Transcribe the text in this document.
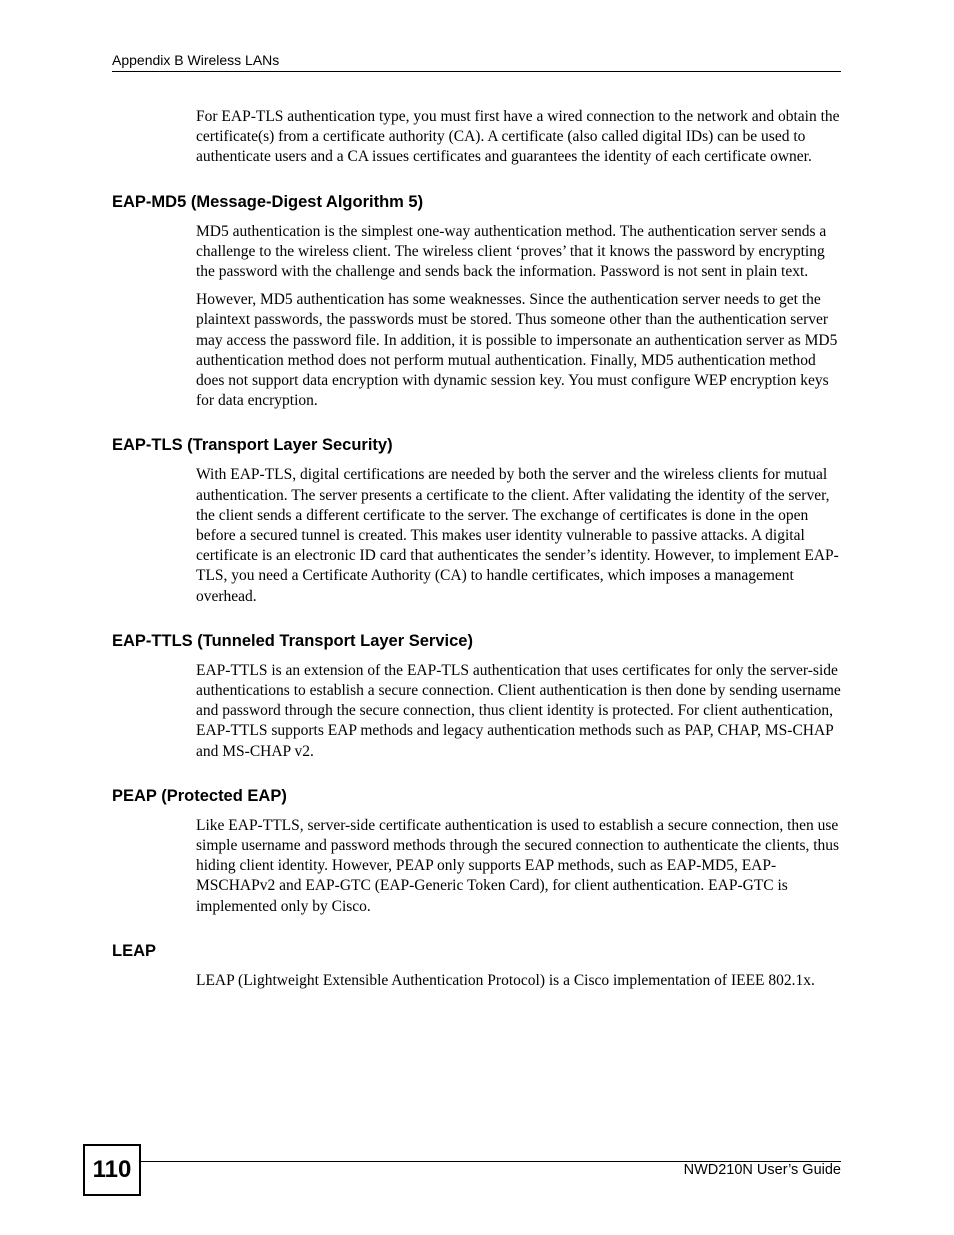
Appendix B Wireless LANs

For EAP-TLS authentication type, you must first have a wired connection to the network and obtain the certificate(s) from a certificate authority (CA). A certificate (also called digital IDs) can be used to authenticate users and a CA issues certificates and guarantees the identity of each certificate owner.

EAP-MD5 (Message-Digest Algorithm 5)

MD5 authentication is the simplest one-way authentication method. The authentication server sends a challenge to the wireless client. The wireless client ‘proves’ that it knows the password by encrypting the password with the challenge and sends back the information. Password is not sent in plain text.

However, MD5 authentication has some weaknesses. Since the authentication server needs to get the plaintext passwords, the passwords must be stored. Thus someone other than the authentication server may access the password file. In addition, it is possible to impersonate an authentication server as MD5 authentication method does not perform mutual authentication. Finally, MD5 authentication method does not support data encryption with dynamic session key. You must configure WEP encryption keys for data encryption.

EAP-TLS (Transport Layer Security)

With EAP-TLS, digital certifications are needed by both the server and the wireless clients for mutual authentication. The server presents a certificate to the client. After validating the identity of the server, the client sends a different certificate to the server. The exchange of certificates is done in the open before a secured tunnel is created. This makes user identity vulnerable to passive attacks. A digital certificate is an electronic ID card that authenticates the sender’s identity. However, to implement EAP-TLS, you need a Certificate Authority (CA) to handle certificates, which imposes a management overhead.

EAP-TTLS (Tunneled Transport Layer Service)

EAP-TTLS is an extension of the EAP-TLS authentication that uses certificates for only the server-side authentications to establish a secure connection. Client authentication is then done by sending username and password through the secure connection, thus client identity is protected. For client authentication, EAP-TTLS supports EAP methods and legacy authentication methods such as PAP, CHAP, MS-CHAP and MS-CHAP v2.

PEAP (Protected EAP)

Like EAP-TTLS, server-side certificate authentication is used to establish a secure connection, then use simple username and password methods through the secured connection to authenticate the clients, thus hiding client identity. However, PEAP only supports EAP methods, such as EAP-MD5, EAP-MSCHAPv2 and EAP-GTC (EAP-Generic Token Card), for client authentication. EAP-GTC is implemented only by Cisco.

LEAP

LEAP (Lightweight Extensible Authentication Protocol) is a Cisco implementation of IEEE 802.1x.

110	NWD210N User’s Guide
